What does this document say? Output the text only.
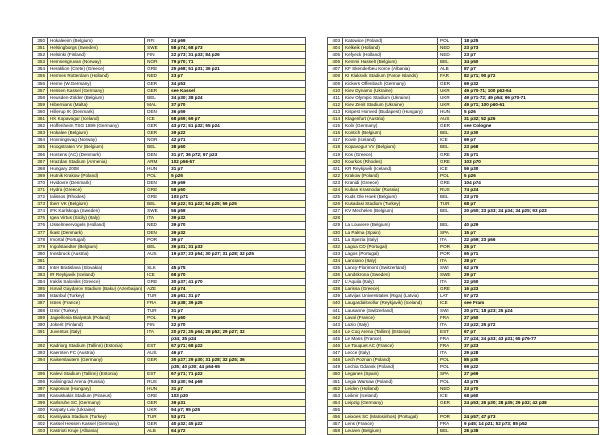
350	Hokaleeim (Belgium)	RFI	24 p69
351	Helsingborgs (Sweden)	SWE	58 p74; 68 p73
352	Helsinki (Finland)	FIN	22 p73; 31 p33; 84 p26
353	Hemnesgruvan (Norway)	NOR	79 p70; 71
354	Heraklion (Crete) (Greece)	GRE	25 p68; 51 p31; 36 p21
355	Hermes Rotterdam (Holland)	NED	23 p7
356	Herne (W.Germany)	GER	34 p53
357	Hessen Kassel (Germany)	GER	see Kassel
358	Heusden-Zolder (Belgium)	BEL	34 p30; 38 p24
359	Hibernians (Malta)	MAL	37 p70
360	Hillerup IK (Denmark)	DEN	36 p59
361	HK Kopavogur (Iceland)	ICE	68 p59; 69 p7
362	Hoffenheim TSG 1899 (Germany)	GER	43 p72; 51 p32; 55 p24
363	Hokalee (Belgium)	GER	39 p22
364	Honningsvag (Norway)	NOR	42 p71
365	Hoogstraten VV (Belgium)	BEL	38 p60
366	Horsens (AC) (Denmark)	DEN	31 p7; 36 p72; 67 p23
367	Hrazdan Stadium (Armenia)	ARM	102 p56-57
368	Hungary 2008	HUN	31 p7
369	Hutnik Krakow (Poland)	POL	5 p26
370	Hvidovre (Denmark)	DEN	39 p69
371	Hydra (Greece)	GRE	58 p60
372	Ialissos (Rhodes)	GRE	103 p71
373	Iberr VK (Belgium)	BEL	58 p22; 51 p22; 54 p25; 56 p25
374	IFK Karlskoga (Sweden)	SWE	56 p59
375	Igea Virtus (Sicily) (Italy)	ITA	39 p32
376	IJsselmeervogels (Holland)	NED	39 p70
377	Ikast (Denmark)	DEN	39 p32
378	Imortal (Portugal)	POR	39 p7
379	Ingolstaedter (Belgium)	BEL	39 p31; 31 p33
380	Innsbruck (Austria)	AUS	19 p37; 23 p54; 30 p27; 31 p28; 32 p25
381			
382	Inter Bratislava (Slovakia)	SLK	45 p75
383	IR Reykjavik (Iceland)	ICE	68 p70
384	Iraklis Saloniks (Greece)	GRE	30 p37; 41 p70
385	Ismail Gaydarov Stadium (Baku) (Azerbaijan)	AZE	43 p74
386	Istanbul (Turkey)	TUR	26 p61; 31 p7
387	Istres (France)	FRA	26 p38; 39 p25
388	Izmir (Turkey)	TUR	31 p7
389	Jagiellonia Bialystok (Poland)	POL	76 p60
390	Jokerit (Finland)	FIN	22 p70
391	Juventus (Italy)	ITA	20 p72; 25 p64; 28 p52; 29 p27; 32
			p34; 35 p24
392	Kadriorg Stadium (Tallinn) (Estonia)	EST	67 p71; 68 p22
393	Kaernten FC (Austria)	AUS	46 p7
394	Kaiserslautern (Germany)	GER	30 p27; 29 p30; 31 p28; 32 p25; 36
			p35; 40 p30; 44 p64-65
395	Kalevi Stadium (Tallinn) (Estonia)	EST	67 p71; 71 p22
396	Kaliningrad Arena (Russia)	RUS	93 p30; 94 p69
397	Kaposvar (Hungary)	HUN	31 p7
398	Karaiskakis Stadium (Piraeus)	GRE	103 p30
399	Karlsruhe SC (Germany)	GER	39 p31
400	Karpaty Lviv (Ukraine)	UKR	94 p7; 95 p25
401	Karsiyaka Stadium (Turkey)	TUR	53 p71
402	Kassel Hessen Kassel (Germany)	GER	40 p32; 45 p22
403	Kastrioti Kruje (Albania)	ALB	64 p72
403	Katowice (Poland)	POL	18 p25
404	Kelkeik (Holland)	NED	23 p73
405	Kefyeck (Holland)	NED	23 p7
406	Kemmi Hasselt (Belgium)	BEL	34 p50
407	KF Skenderbeu Korce (Albania)	ALB	87 p7
408	KI Klaksvik Stadium (Faroe Islands)	FAR	82 p71; 90 p72
409	Kickers Offenbach (Germany)	GER	69 p32
410	Kiev Dynamo (Ukraine)	UKR	49 p70-71; 100 p63-64
411	Kiev Olympic Stadium (Ukraine)	UKR	49 p71-72; 49 p54; 96 p70-71
412	Kiev Zenit Stadium (Ukraine)	UKR	49 p71; 100 p60-61
413	Kispest Honved (Budapest) (Hungary)	HUN	5 p26
414	Klagenfurt (Austria)	AUS	31 p32; 52 p26
415	Koln (Germany)	GER	see Cologne
416	Kontich (Belgium)	BEL	23 p30
417	Kovin (Iceland)	ICE	69 p7
418	Kopavogur VV (Belgium)	BEL	23 p68
419	Kos (Greece)	GRE	25 p71
420	Kourkos (Rhodes)	GRE	103 p70
421	KR Reykjavik (Iceland)	ICE	59 p30
422	Krakow (Poland)	POL	5 p26
423	Kranidi (Greece)	GRE	104 p74
424	Kuban Krasnodar (Russia)	RUS	74 p24
425	Kuds Ole Hoek (Belgium)	BEL	23 p70
426	Kusadasi Stadium (Turkey)	TUR	68 p7
427	KV Mechelen (Belgium)	BEL	20 p50; 23 p33; 24 p34; 34 p25; 93 p23
428			
429	La Louviere (Belgium)	BEL	40 p29
430	La Palma (Spain)	SPA	15 p7
431	La Spezia (Italy)	ITA	22 p59; 23 p66
432	Lagoa CD (Portugal)	POR	25 p7
433	Lagos (Portugal)	POR	65 p71
434	Lanciano (Italy)	ITA	28 p7
435	Lancy-Florimont (Switzerland)	SWI	62 p75
436	Landskrona (Sweden)	SWE	29 p7
437	L'Aquila (Italy)	ITA	22 p50
438	Larissa (Greece)	GRE	16 p23
439	Latvijas Universitates (Riga) (Latvia)	LAT	57 p72
440	Laugardalsvollur (Reykjavik) (Iceland)	ICE	see Fram
441	Lausanne (Switzerland)	SWI	20 p71; 18 p23; 25 p24
442	Laval (France)	FRA	27 p50
443	Lazio (Italy)	ITA	23 p22; 25 p72
444	Le Coq Arena (Tallinn) (Estonia)	EST	67 p7
445	Le Mans (France)	FRA	27 p24; 24 p33; 43 p31; 65 p76-77
446	Le Touquet AC (France)	FRA	37 p23
447	Lecce (Italy)	ITA	29 p28
448	Lech Poznan (Poland)	POL	85 p30
449	Lechia Gdansk (Poland)	POL	69 p22
450	Leganes (Spain)	SPA	27 p69
451	Legia Warsaw (Poland)	POL	43 p75
452	Leiden (Holland)	NED	23 p70
453	Leiknir (Iceland)	ICE	68 p60
454	Leipzig (Germany)	GER	24 p53; 26 p30; 28 p35; 29 p32; 42 p38
455			
456	Leixoes SC (Matosinhos) (Portugal)	POR	24 p57; 47 p73
457	Lens (France)	FRA	9 p45; 14 p21; 52 p73; 85 p52
458	Leuven (Belgium)	BEL	28 p38
